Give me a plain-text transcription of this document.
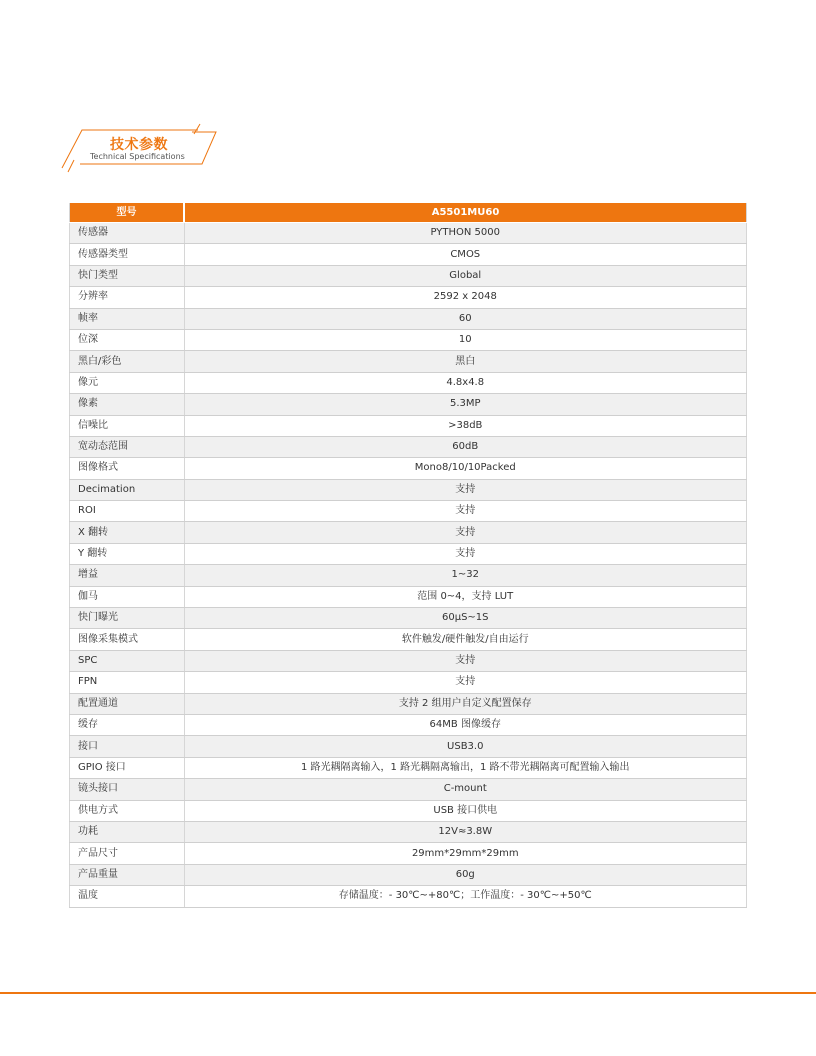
技术参数
Technical Specifications
型号	A5501MU60
传感器	PYTHON 5000
传感器类型	CMOS
快门类型	Global
分辨率	2592 x 2048
帧率	60
位深	10
黑白/彩色	黑白
像元	4.8x4.8
像素	5.3MP
信噪比	>38dB
宽动态范围	60dB
图像格式	Mono8/10/10Packed
Decimation	支持
ROI	支持
X 翻转	支持
Y 翻转	支持
增益	1~32
伽马	范围 0~4，支持 LUT
快门曝光	60μS~1S
图像采集模式	软件触发/硬件触发/自由运行
SPC	支持
FPN	支持
配置通道	支持 2 组用户自定义配置保存
缓存	64MB 图像缓存
接口	USB3.0
GPIO 接口	1 路光耦隔离输入，1 路光耦隔离输出，1 路不带光耦隔离可配置输入输出
镜头接口	C-mount
供电方式	USB 接口供电
功耗	12V≈3.8W
产品尺寸	29mm*29mm*29mm
产品重量	60g
温度	存储温度：- 30℃~+80℃；工作温度：- 30℃~+50℃
